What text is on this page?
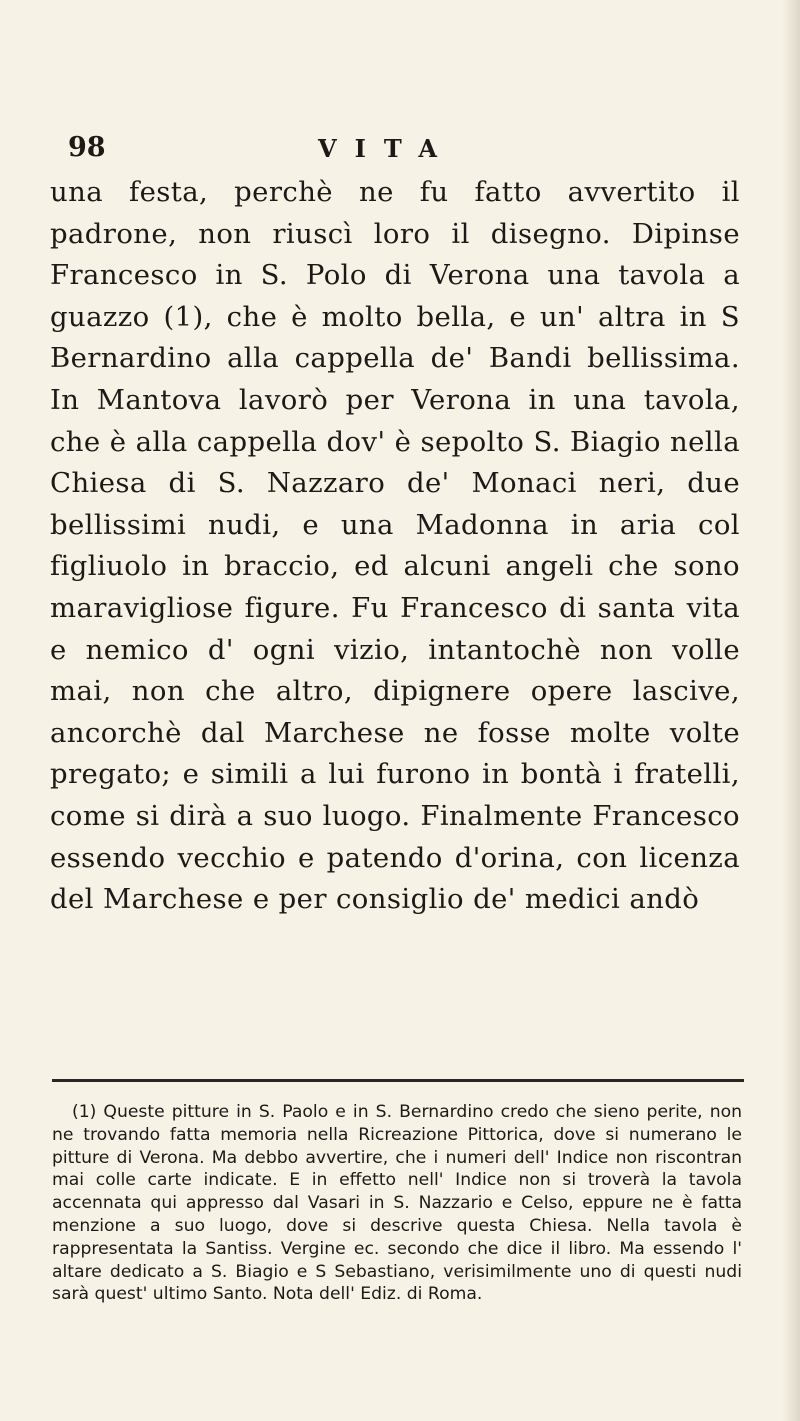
98	VITA

una festa, perchè ne fu fatto avvertito il padrone, non riuscì loro il disegno. Dipinse Francesco in S. Polo di Verona una tavola a guazzo (1), che è molto bella, e un' altra in S Bernardino alla cappella de' Bandi bellissima. In Mantova lavorò per Verona in una tavola, che è alla cappella dov' è sepolto S. Biagio nella Chiesa di S. Nazzaro de' Monaci neri, due bellissimi nudi, e una Madonna in aria col figliuolo in braccio, ed alcuni angeli che sono maravigliose figure. Fu Francesco di santa vita e nemico d' ogni vizio, intantochè non volle mai, non che altro, dipignere opere lascive, ancorchè dal Marchese ne fosse molte volte pregato; e simili a lui furono in bontà i fratelli, come si dirà a suo luogo. Finalmente Francesco essendo vecchio e patendo d'orina, con licenza del Marchese e per consiglio de' medici andò

(1) Queste pitture in S. Paolo e in S. Bernardino credo che sieno perite, non ne trovando fatta memoria nella Ricreazione Pittorica, dove si numerano le pitture di Verona. Ma debbo avvertire, che i numeri dell' Indice non riscontran mai colle carte indicate. E in effetto nell' Indice non si troverà la tavola accennata qui appresso dal Vasari in S. Nazzario e Celso, eppure ne è fatta menzione a suo luogo, dove si descrive questa Chiesa. Nella tavola è rappresentata la Santiss. Vergine ec. secondo che dice il libro. Ma essendo l' altare dedicato a S. Biagio e S Sebastiano, verisimilmente uno di questi nudi sarà quest' ultimo Santo. Nota dell' Ediz. di Roma.
